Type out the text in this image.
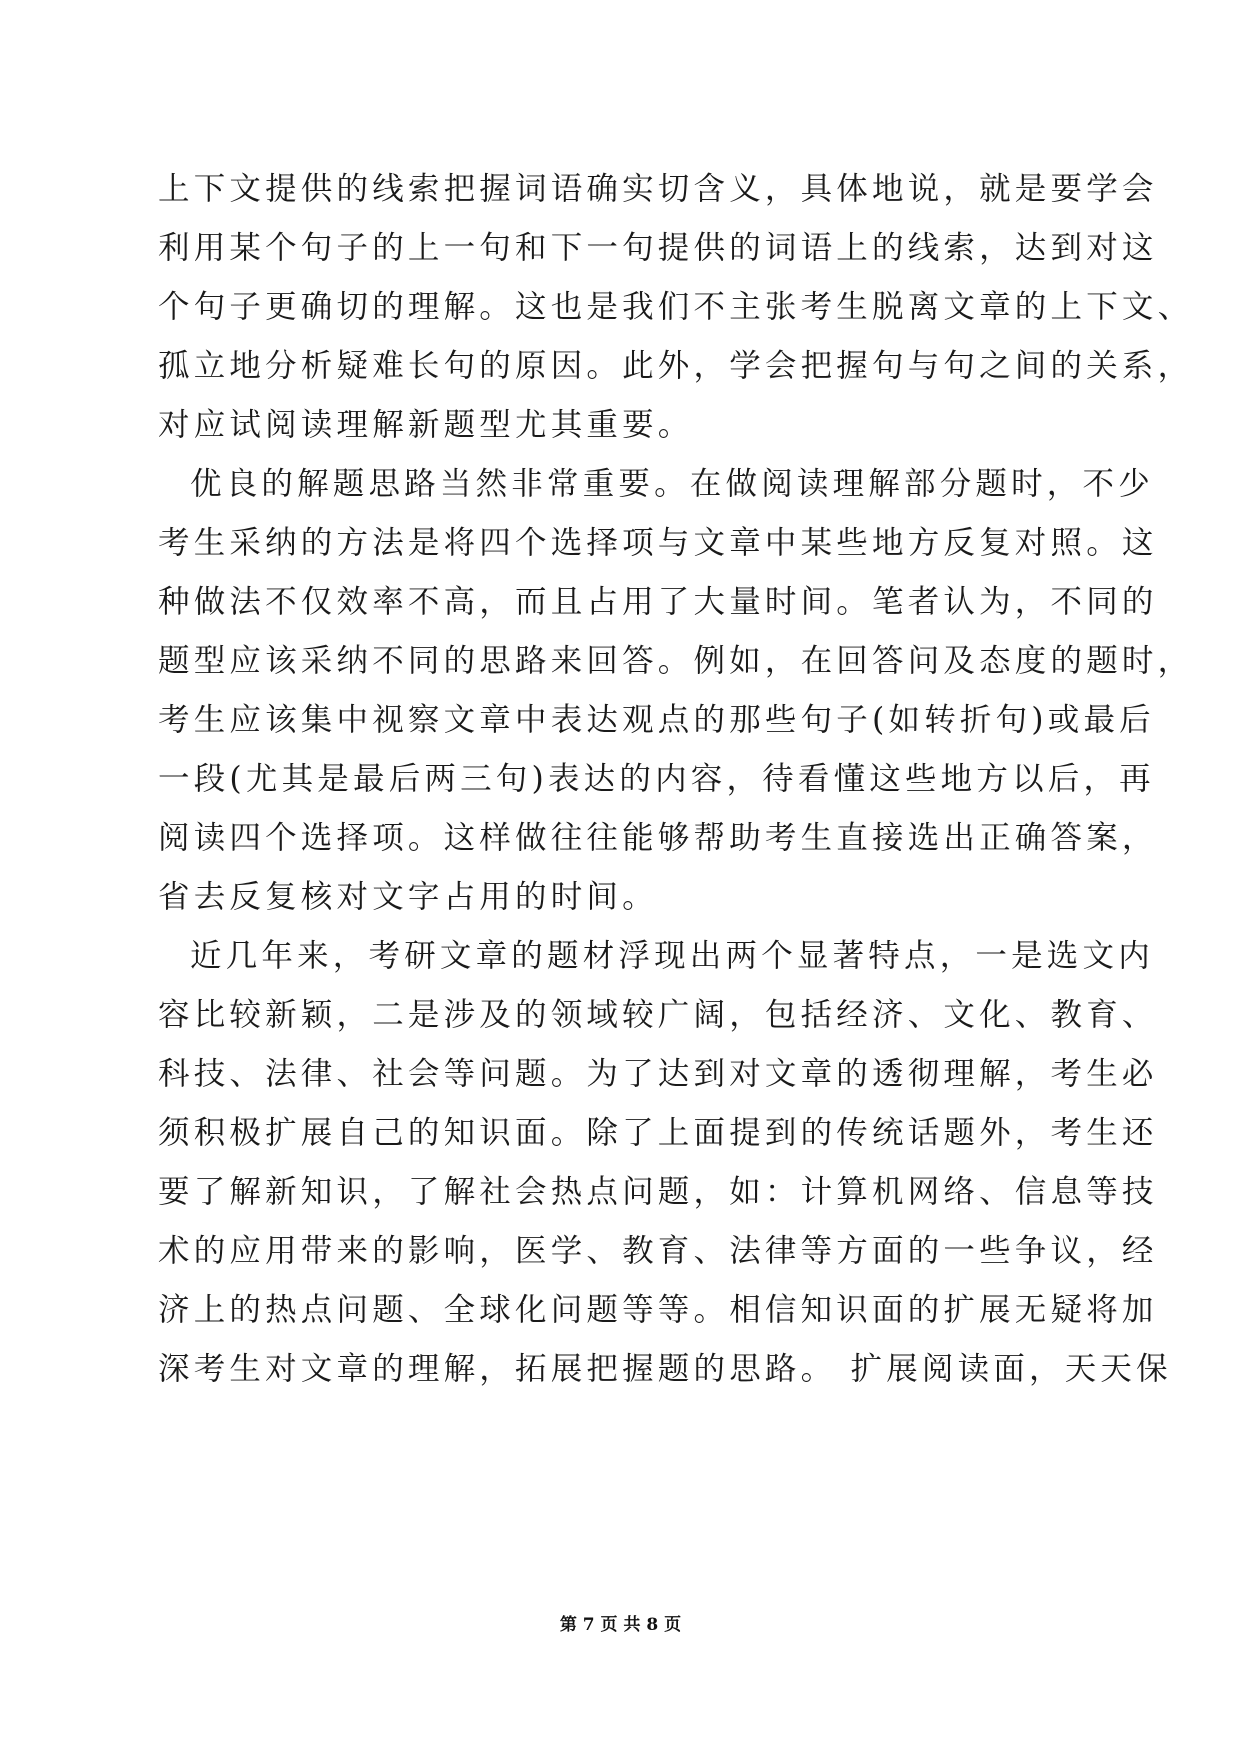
上下文提供的线索把握词语确实切含义，具体地说，就是要学会
利用某个句子的上一句和下一句提供的词语上的线索，达到对这
个句子更确切的理解。这也是我们不主张考生脱离文章的上下文、
孤立地分析疑难长句的原因。此外，学会把握句与句之间的关系，
对应试阅读理解新题型尤其重要。
优良的解题思路当然非常重要。在做阅读理解部分题时，不少
考生采纳的方法是将四个选择项与文章中某些地方反复对照。这
种做法不仅效率不高，而且占用了大量时间。笔者认为，不同的
题型应该采纳不同的思路来回答。例如，在回答问及态度的题时，
考生应该集中视察文章中表达观点的那些句子(如转折句)或最后
一段(尤其是最后两三句)表达的内容，待看懂这些地方以后，再
阅读四个选择项。这样做往往能够帮助考生直接选出正确答案，
省去反复核对文字占用的时间。
近几年来，考研文章的题材浮现出两个显著特点，一是选文内
容比较新颖，二是涉及的领域较广阔，包括经济、文化、教育、
科技、法律、社会等问题。为了达到对文章的透彻理解，考生必
须积极扩展自己的知识面。除了上面提到的传统话题外，考生还
要了解新知识，了解社会热点问题，如：计算机网络、信息等技
术的应用带来的影响，医学、教育、法律等方面的一些争议，经
济上的热点问题、全球化问题等等。相信知识面的扩展无疑将加
深考生对文章的理解，拓展把握题的思路。 扩展阅读面，天天保
第 7 页 共 8 页
